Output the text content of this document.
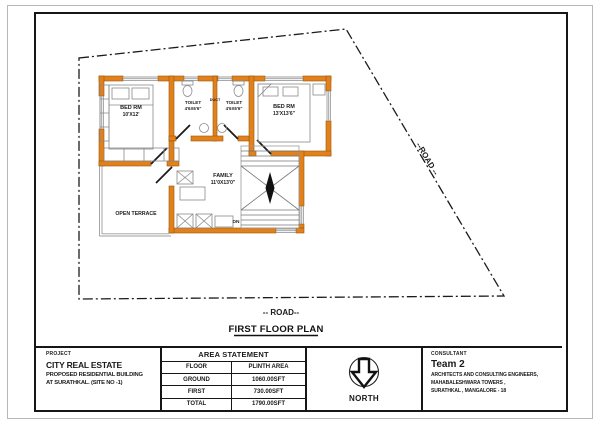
BED RM
10'X12'
TOILET
4'6X6'6"
DUCT TOILET
4'6X6'6"	BED RM
13'X13'6"
FAMILY
11'0X13'0"
OPEN TERRACE
DN
--ROAD --
-- ROAD--
FIRST FLOOR PLAN
PROJECT
CITY REAL ESTATE
PROPOSED RESIDENTIAL BUILDING
AT SURATHKAL. (SITE NO -1)
AREA STATEMENT
FLOOR	PLINTH AREA
GROUND	1060.00SFT
FIRST	730.00SFT
TOTAL	1790.00SFT
NORTH
CONSULTANT
Team 2
ARCHITECTS AND CONSULTING ENGINEERS,
MAHABALESHWARA TOWERS ,
SURATHKAL , MANGALORE - 18
